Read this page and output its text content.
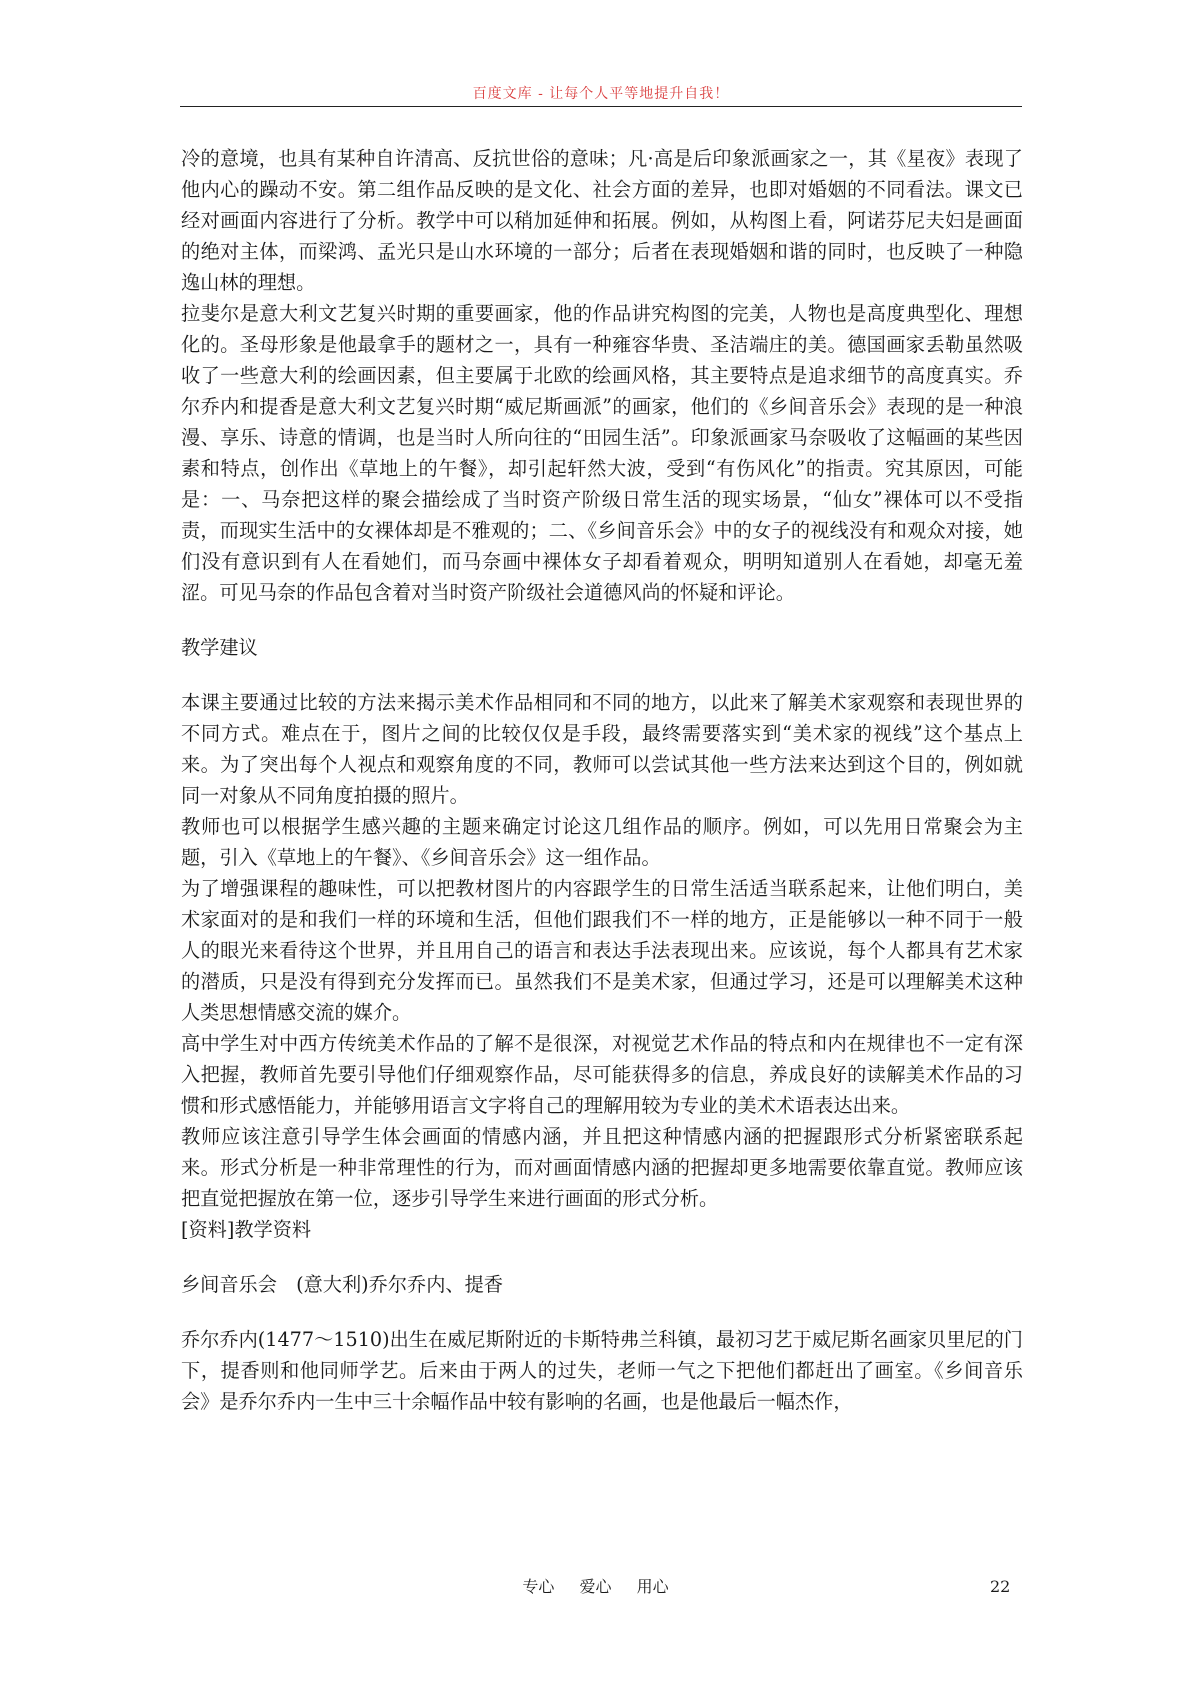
百度文库 - 让每个人平等地提升自我！

冷的意境，也具有某种自许清高、反抗世俗的意味；凡·高是后印象派画家之一，其《星夜》表现了他内心的躁动不安。第二组作品反映的是文化、社会方面的差异，也即对婚姻的不同看法。课文已经对画面内容进行了分析。教学中可以稍加延伸和拓展。例如，从构图上看，阿诺芬尼夫妇是画面的绝对主体，而梁鸿、孟光只是山水环境的一部分；后者在表现婚姻和谐的同时，也反映了一种隐逸山林的理想。

拉斐尔是意大利文艺复兴时期的重要画家，他的作品讲究构图的完美，人物也是高度典型化、理想化的。圣母形象是他最拿手的题材之一，具有一种雍容华贵、圣洁端庄的美。德国画家丢勒虽然吸收了一些意大利的绘画因素，但主要属于北欧的绘画风格，其主要特点是追求细节的高度真实。乔尔乔内和提香是意大利文艺复兴时期“威尼斯画派”的画家，他们的《乡间音乐会》表现的是一种浪漫、享乐、诗意的情调，也是当时人所向往的“田园生活”。印象派画家马奈吸收了这幅画的某些因素和特点，创作出《草地上的午餐》，却引起轩然大波，受到“有伤风化”的指责。究其原因，可能是：一、马奈把这样的聚会描绘成了当时资产阶级日常生活的现实场景，“仙女”裸体可以不受指责，而现实生活中的女裸体却是不雅观的；二、《乡间音乐会》中的女子的视线没有和观众对接，她们没有意识到有人在看她们，而马奈画中裸体女子却看着观众，明明知道别人在看她，却毫无羞涩。可见马奈的作品包含着对当时资产阶级社会道德风尚的怀疑和评论。

教学建议

本课主要通过比较的方法来揭示美术作品相同和不同的地方，以此来了解美术家观察和表现世界的不同方式。难点在于，图片之间的比较仅仅是手段，最终需要落实到“美术家的视线”这个基点上来。为了突出每个人视点和观察角度的不同，教师可以尝试其他一些方法来达到这个目的，例如就同一对象从不同角度拍摄的照片。

教师也可以根据学生感兴趣的主题来确定讨论这几组作品的顺序。例如，可以先用日常聚会为主题，引入《草地上的午餐》、《乡间音乐会》这一组作品。

为了增强课程的趣味性，可以把教材图片的内容跟学生的日常生活适当联系起来，让他们明白，美术家面对的是和我们一样的环境和生活，但他们跟我们不一样的地方，正是能够以一种不同于一般人的眼光来看待这个世界，并且用自己的语言和表达手法表现出来。应该说，每个人都具有艺术家的潜质，只是没有得到充分发挥而已。虽然我们不是美术家，但通过学习，还是可以理解美术这种人类思想情感交流的媒介。

高中学生对中西方传统美术作品的了解不是很深，对视觉艺术作品的特点和内在规律也不一定有深入把握，教师首先要引导他们仔细观察作品，尽可能获得多的信息，养成良好的读解美术作品的习惯和形式感悟能力，并能够用语言文字将自己的理解用较为专业的美术术语表达出来。

教师应该注意引导学生体会画面的情感内涵，并且把这种情感内涵的把握跟形式分析紧密联系起来。形式分析是一种非常理性的行为，而对画面情感内涵的把握却更多地需要依靠直觉。教师应该把直觉把握放在第一位，逐步引导学生来进行画面的形式分析。

[资料]教学资料

乡间音乐会　(意大利)乔尔乔内、提香

乔尔乔内(1477～1510)出生在威尼斯附近的卡斯特弗兰科镇，最初习艺于威尼斯名画家贝里尼的门下，提香则和他同师学艺。后来由于两人的过失，老师一气之下把他们都赶出了画室。《乡间音乐会》是乔尔乔内一生中三十余幅作品中较有影响的名画，也是他最后一幅杰作，

专心 爱心 用心	22
